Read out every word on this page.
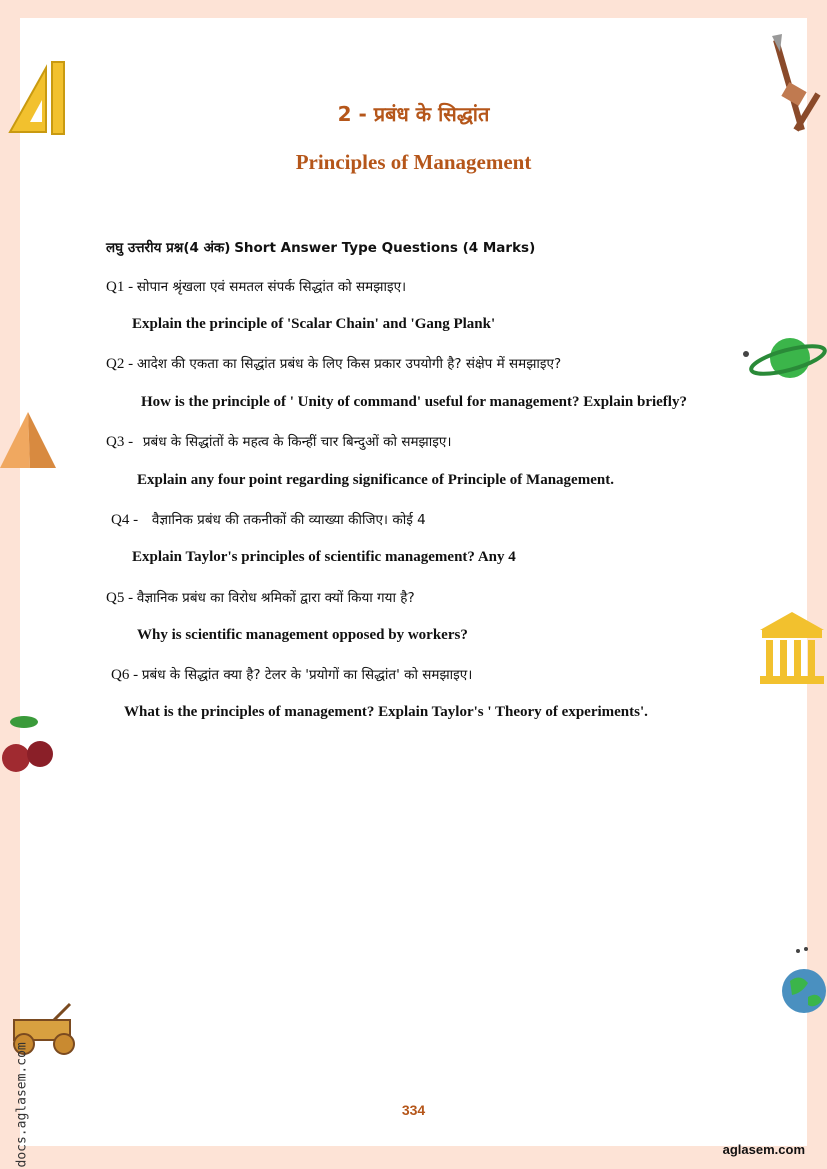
docs.aglasem.com
2 - प्रबंध के सिद्धांत
Principles of Management
लघु उत्तरीय प्रश्न(4 अंक) Short Answer Type Questions (4 Marks)
Q1 - सोपान श्रृंखला एवं समतल संपर्क सिद्धांत को समझाइए।
Explain the principle of 'Scalar Chain' and 'Gang Plank'
Q2 - आदेश की एकता का सिद्धांत प्रबंध के लिए किस प्रकार उपयोगी है? संक्षेप में समझाइए?
How is the principle of ' Unity of command' useful for management? Explain briefly?
Q3 - प्रबंध के सिद्धांतों के महत्व के किन्हीं चार बिन्दुओं को समझाइए।
Explain any four point regarding significance of Principle of Management.
Q4 - वैज्ञानिक प्रबंध की तकनीकों की व्याख्या कीजिए। कोई 4
Explain Taylor's principles of scientific management? Any 4
Q5 - वैज्ञानिक प्रबंध का विरोध श्रमिकों द्वारा क्यों किया गया है?
Why is scientific management opposed by workers?
Q6 - प्रबंध के सिद्धांत क्या है? टेलर के 'प्रयोगों का सिद्धांत' को समझाइए।
What is the principles of management? Explain Taylor's ' Theory of experiments'.
334
aglasem.com
